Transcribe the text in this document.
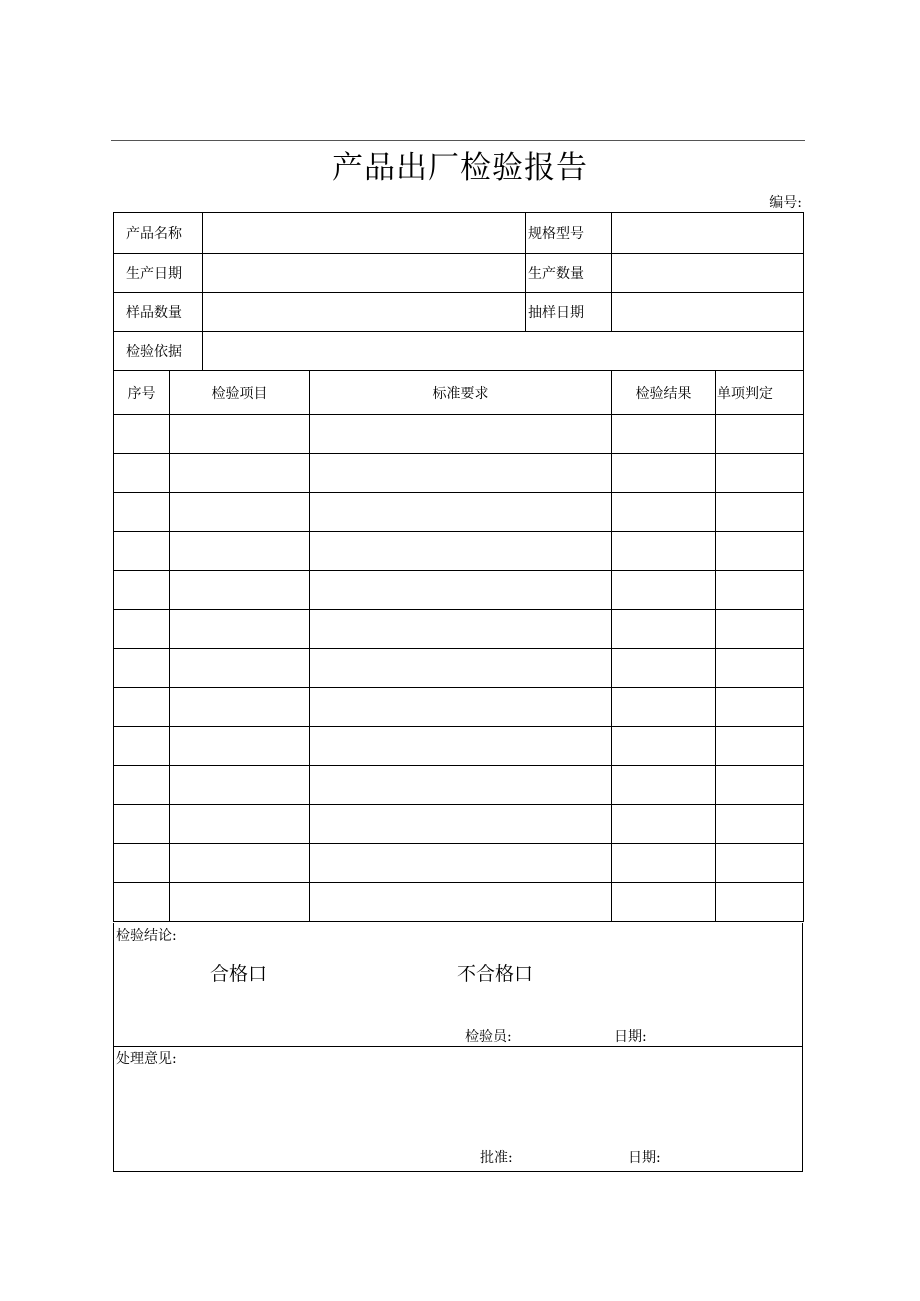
产品出厂检验报告
编号:
产品名称		规格型号	
生产日期		生产数量	
样品数量		抽样日期	
检验依据			
序号	检验项目	标准要求	检验结果	单项判定

检验结论:
合格口	不合格口
检验员:	日期:
处理意见:
批准:	日期:
